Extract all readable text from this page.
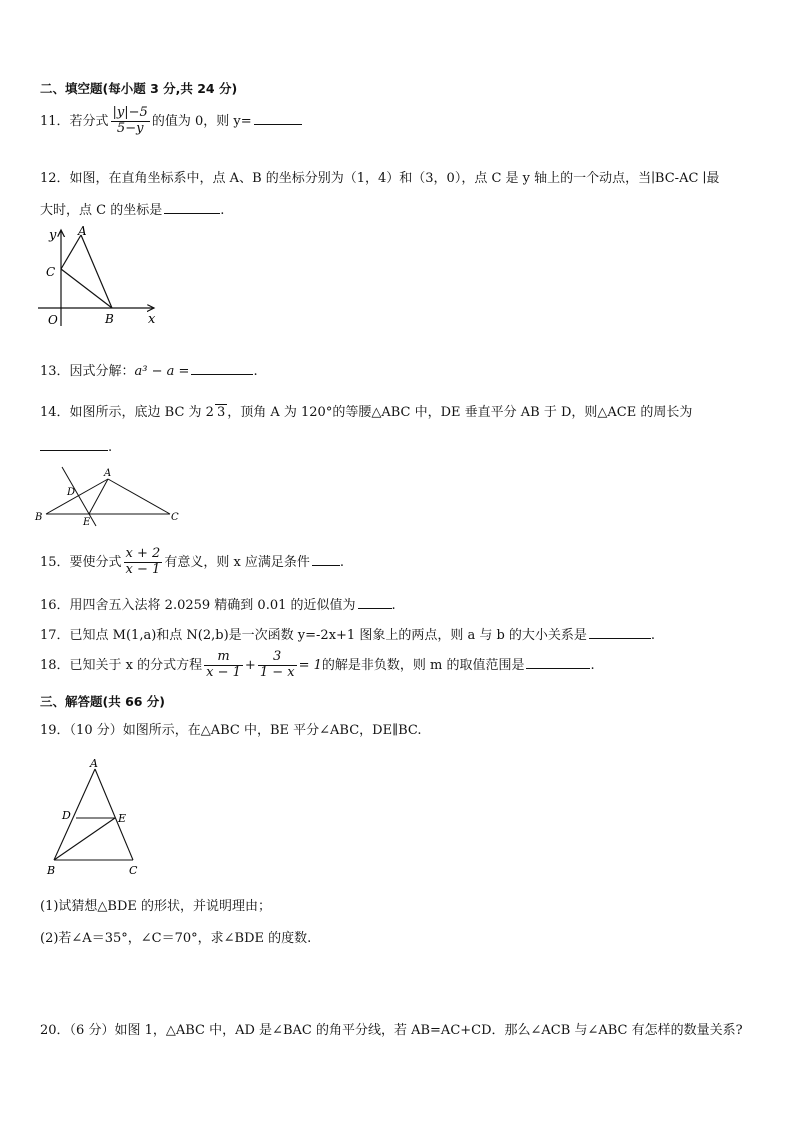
二、填空题(每小题 3 分,共 24 分)
11．若分式 $\frac{|y|-5}{5-y}$ 的值为 0，则 y=
12．如图，在直角坐标系中，点 A、B 的坐标分别为（1，4）和（3，0），点 C 是 y 轴上的一个动点，当∣BC-AC ∣最
大时，点 C 的坐标是	.
y A
C
O	B	x
13．因式分解：a³ − a =	.
14．如图所示，底边 BC 为 2 3 ，顶角 A 为 120°的等腰△ABC 中，DE 垂直平分 AB 于 D，则△ACE 的周长为
.
A
D
B	E	C
15．要使分式 $\frac{x + 2}{x - 1}$ 有意义，则 x 应满足条件 .
16．用四舍五入法将 2.0259 精确到 0.01 的近似值为	.
17．已知点 M(1,a)和点 N(2,b)是一次函数 y=-2x+1 图象上的两点，则 a 与 b 的大小关系是	.
18．已知关于 x 的分式方程 $\frac{m}{x - 1} + \frac{3}{1 - x} = 1$的解是非负数，则 m 的取值范围是	.
三、解答题(共 66 分)
19．（10 分）如图所示，在△ABC 中，BE 平分∠ABC，DE∥BC.
A
D	E
B	C
(1)试猜想△BDE 的形状，并说明理由；
(2)若∠A＝35°，∠C＝70°，求∠BDE 的度数.
20．（6 分）如图 1，△ABC 中，AD 是∠BAC 的角平分线，若 AB=AC+CD．那么∠ACB 与∠ABC 有怎样的数量关系?
